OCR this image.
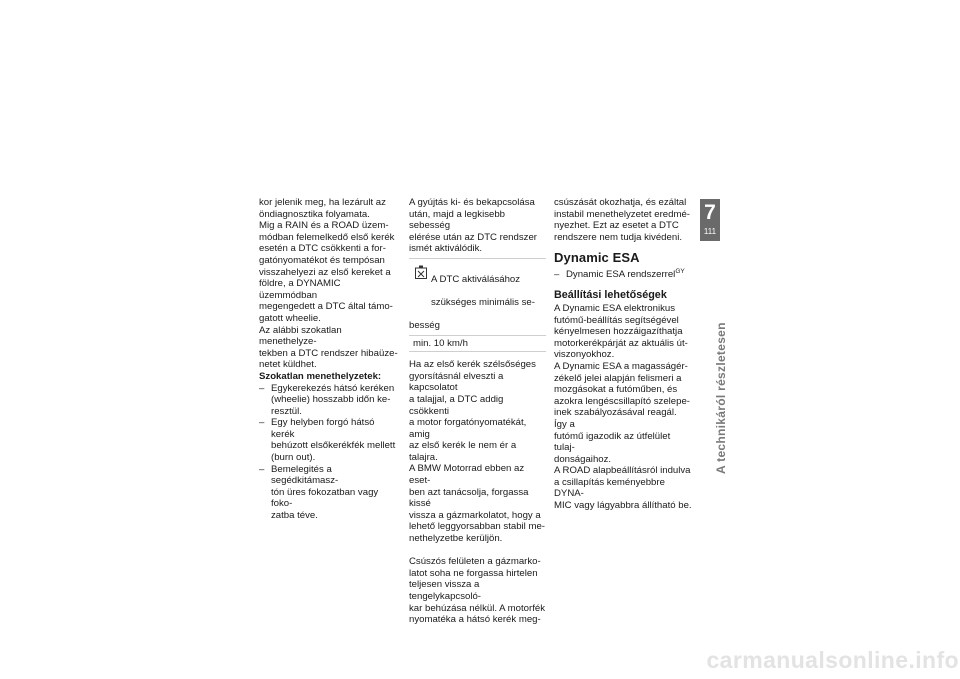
kor jelenik meg, ha lezárult az
öndiagnosztika folyamata.
Mig a RAIN és a ROAD üzem-
módban felemelkedő első kerék
esetén a DTC csökkenti a for-
gatónyomatékot és tempósan
visszahelyezi az első kereket a
földre, a DYNAMIC üzemmódban
megengedett a DTC által támo-
gatott wheelie.
Az alábbi szokatlan menethelyze-
tekben a DTC rendszer hibaüze-
netet küldhet.

Szokatlan menethelyzetek:

– Egykerekezés hátsó keréken
(wheelie) hosszabb időn ke-
resztül.
– Egy helyben forgó hátsó kerék
behúzott elsőkerékfék mellett
(burn out).
– Bemelegités a segédkitámasz-
tón üres fokozatban vagy foko-
zatba téve.

A gyújtás ki- és bekapcsolása
után, majd a legkisebb sebesség
elérése után az DTC rendszer
ismét aktiválódik.

A DTC aktiválásához

szükséges minimális se-

besség

min. 10 km/h

Ha az első kerék szélsőséges
gyorsításnál elveszti a kapcsolatot
a talajjal, a DTC addig csökkenti
a motor forgatónyomatékát, amig
az első kerék le nem ér a talajra.
A BMW Motorrad ebben az eset-
ben azt tanácsolja, forgassa kissé
vissza a gázmarkolatot, hogy a
lehető leggyorsabban stabil me-
nethelyzetbe kerüljön.

Csúszós felületen a gázmarko-
latot soha ne forgassa hirtelen
teljesen vissza a tengelykapcsoló-
kar behúzása nélkül. A motorfék
nyomatéka a hátsó kerék meg-

csúszását okozhatja, és ezáltal
instabil menethelyzetet eredmé-
nyezhet. Ezt az esetet a DTC
rendszere nem tudja kivédeni.

Dynamic ESA
– Dynamic ESA rendszerrel$^{GY}$
Beállítási lehetőségek

A Dynamic ESA elektronikus
futómű-beállítás segítségével
kényelmesen hozzáigazíthatja
motorkerékpárját az aktuális út-
viszonyokhoz.
A Dynamic ESA a magasságér-
zékelő jelei alapján felismeri a
mozgásokat a futóműben, és
azokra lengéscsillapító szelepe-
inek szabályozásával reagál. Így a
futómű igazodik az útfelület tulaj-
donságaihoz.
A ROAD alapbeállításról indulva
a csillapítás keményebbre DYNA-
MIC vagy lágyabbra állítható be.

7
111
A technikáról részletesen
carmanualsonline.info
